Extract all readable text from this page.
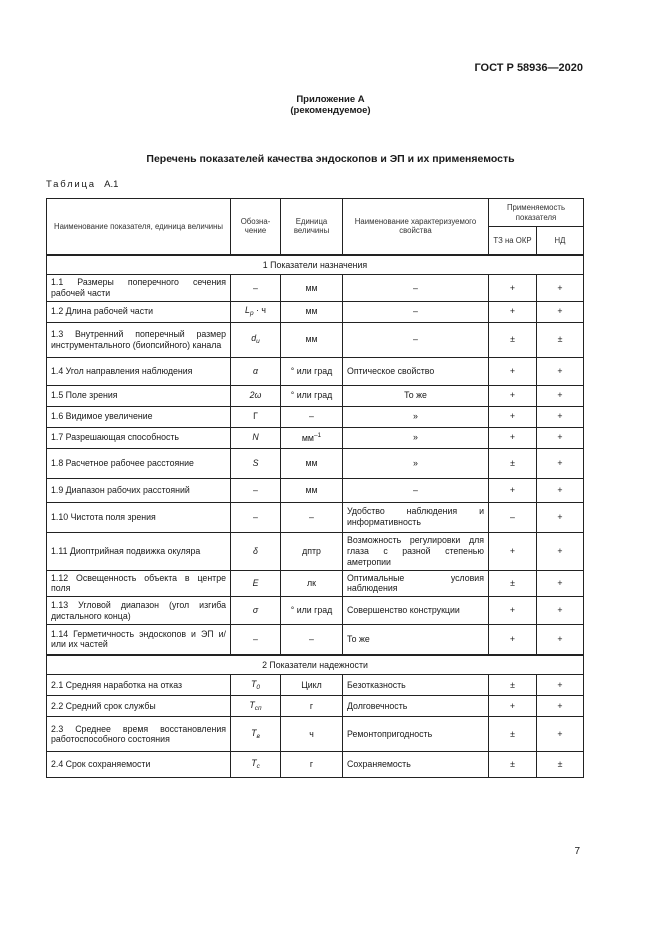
ГОСТ Р 58936—2020
Приложение А
(рекомендуемое)
Перечень показателей качества эндоскопов и ЭП и их применяемость
Таблица А.1
Наименование показателя, единица величины	Обозна- чение	Единица величины	Наименование характеризуемого свойства	Применяемость показателя	
				ТЗ на ОКР	НД
1 Показатели назначения					
1.1 Размеры поперечного сечения рабочей части	–	мм	–	+	+
1.2 Длина рабочей части	$L_р \cdot ч$	мм	–	+	+
1.3 Внутренний поперечный размер инструментального (биопсийного) канала	$d_и$	мм	–	±	±
1.4 Угол направления наблюдения	α	° или град	Оптическое свойство	+	+
1.5 Поле зрения	2ω	° или град	То же	+	+
1.6 Видимое увеличение	Г	–	»	+	+
1.7 Разрешающая способность	N	$мм^{-1}$	»	+	+
1.8 Расчетное рабочее расстояние	S	мм	»	±	+
1.9 Диапазон рабочих расстояний	–	мм	–	+	+
1.10 Чистота поля зрения	–	–	Удобство наблюдения и информативность	–	+
1.11 Диоптрийная подвижка окуляра	δ	дптр	Возможность регулировки для глаза с разной степенью аметропии	+	+
1.12 Освещенность объекта в центре поля	E	лк	Оптимальные условия наблюдения	±	+
1.13 Угловой диапазон (угол изгиба дистального конца)	σ	° или град	Совершенство конструкции	+	+
1.14 Герметичность эндоскопов и ЭП и/или их частей	–	–	То же	+	+
2 Показатели надежности					
2.1 Средняя наработка на отказ	$T_0$	Цикл	Безотказность	±	+
2.2 Средний срок службы	$T_{сп}$	г	Долговечность	+	+
2.3 Среднее время восстановления работоспособного состояния	$T_в$	ч	Ремонтопригодность	±	+
2.4 Срок сохраняемости	$T_с$	г	Сохраняемость	±	±
7
